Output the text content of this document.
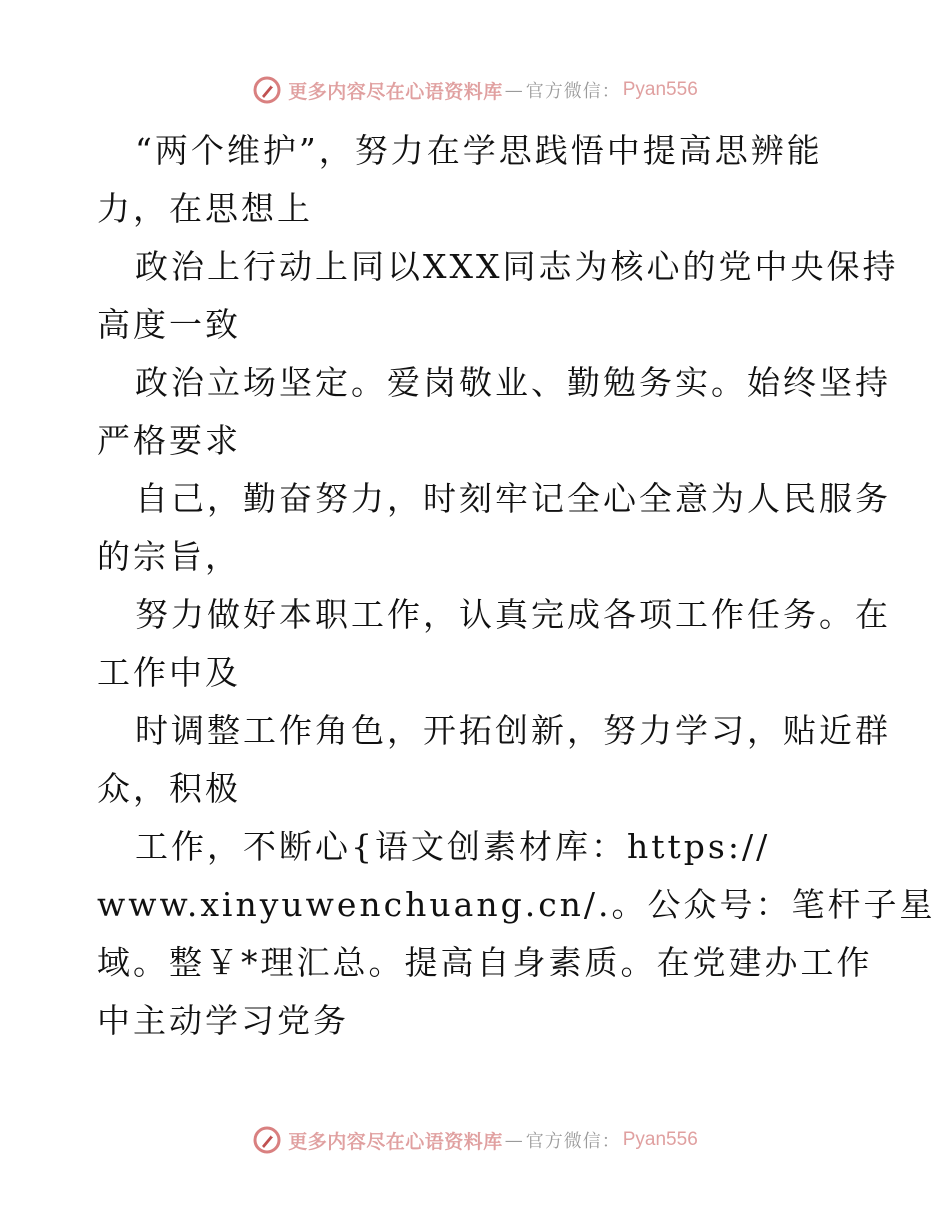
更多内容尽在心语资料库 — 官方微信： Pyan556
“两个维护”，努力在学思践悟中提高思辨能
力，在思想上
政治上行动上同以XXX同志为核心的党中央保持
高度一致
政治立场坚定。爱岗敬业、勤勉务实。始终坚持
严格要求
自己，勤奋努力，时刻牢记全心全意为人民服务
的宗旨，
努力做好本职工作，认真完成各项工作任务。在
工作中及
时调整工作角色，开拓创新，努力学习，贴近群
众，积极
工作，不断心{语文创素材库：https://
www.xinyuwenchuang.cn/.。公众号：笔杆子星
域。整￥*理汇总。提高自身素质。在党建办工作
中主动学习党务
更多内容尽在心语资料库 — 官方微信： Pyan556
